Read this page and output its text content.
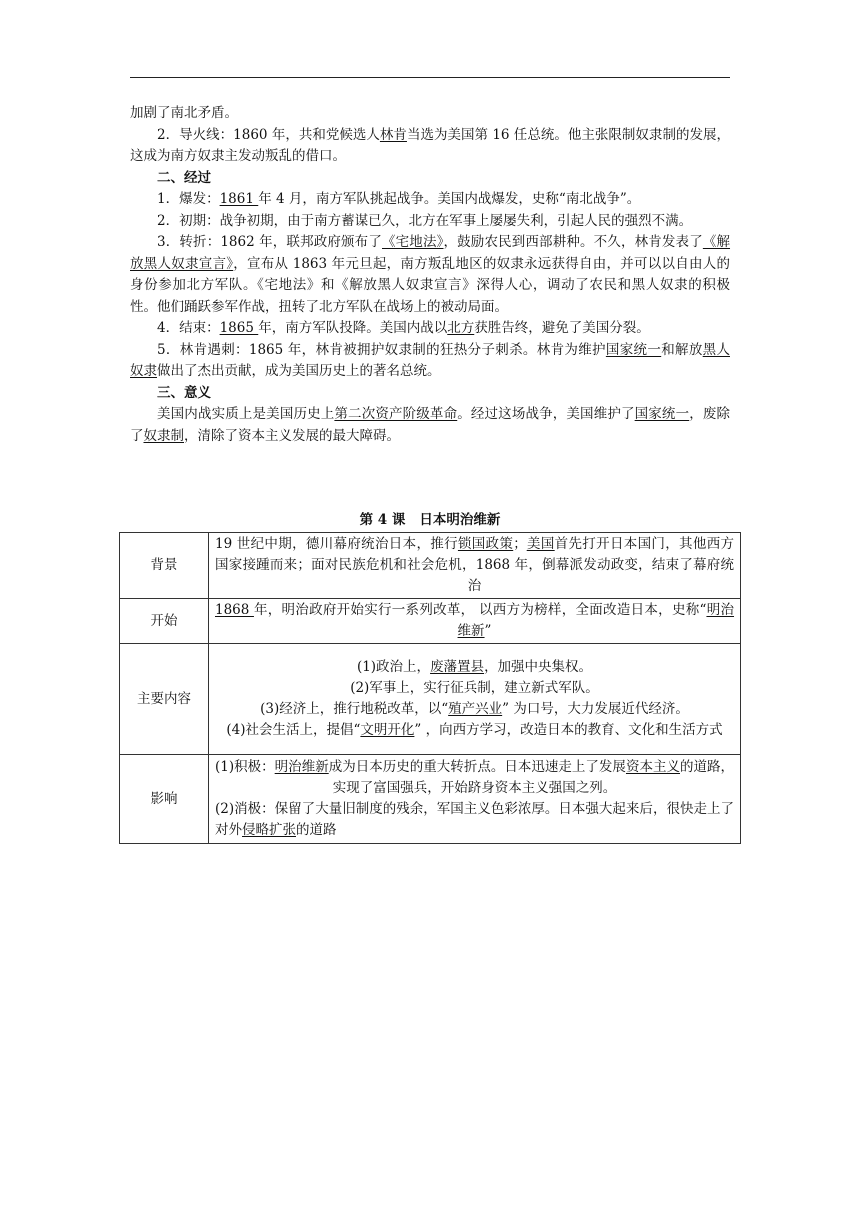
加剧了南北矛盾。

2．导火线：1860 年，共和党候选人林肯当选为美国第 16 任总统。他主张限制奴隶制的发展，这成为南方奴隶主发动叛乱的借口。

二、经过

1．爆发：1861 年 4 月，南方军队挑起战争。美国内战爆发，史称“南北战争”。

2．初期：战争初期，由于南方蓄谋已久，北方在军事上屡屡失利，引起人民的强烈不满。

3．转折：1862 年，联邦政府颁布了《宅地法》，鼓励农民到西部耕种。不久，林肯发表了《解放黑人奴隶宣言》，宣布从 1863 年元旦起，南方叛乱地区的奴隶永远获得自由，并可以以自由人的身份参加北方军队。《宅地法》和《解放黑人奴隶宣言》深得人心，调动了农民和黑人奴隶的积极性。他们踊跃参军作战，扭转了北方军队在战场上的被动局面。

4．结束：1865 年，南方军队投降。美国内战以北方获胜告终，避免了美国分裂。

5．林肯遇刺：1865 年，林肯被拥护奴隶制的狂热分子刺杀。林肯为维护国家统一和解放黑人奴隶做出了杰出贡献，成为美国历史上的著名总统。

三、意义

美国内战实质上是美国历史上第二次资产阶级革命。经过这场战争，美国维护了国家统一，废除了奴隶制，清除了资本主义发展的最大障碍。

第 4 课 日本明治维新
背景	19 世纪中期，德川幕府统治日本，推行锁国政策；美国首先打开日本国门，其他西方国家接踵而来；面对民族危机和社会危机，1868 年，倒幕派发动政变，结束了幕府统治
开始	1868 年，明治政府开始实行一系列改革， 以西方为榜样，全面改造日本，史称“明治维新”
主要内容	(1)政治上，废藩置县，加强中央集权。
(2)军事上，实行征兵制，建立新式军队。
(3)经济上，推行地税改革，以“殖产兴业” 为口号，大力发展近代经济。
(4)社会生活上，提倡“文明开化” ，向西方学习，改造日本的教育、文化和生活方式

影响	(1)积极：明治维新成为日本历史的重大转折点。日本迅速走上了发展资本主义的道路，实现了富国强兵，开始跻身资本主义强国之列。
(2)消极：保留了大量旧制度的残余，军国主义色彩浓厚。日本强大起来后，很快走上了对外侵略扩张的道路
